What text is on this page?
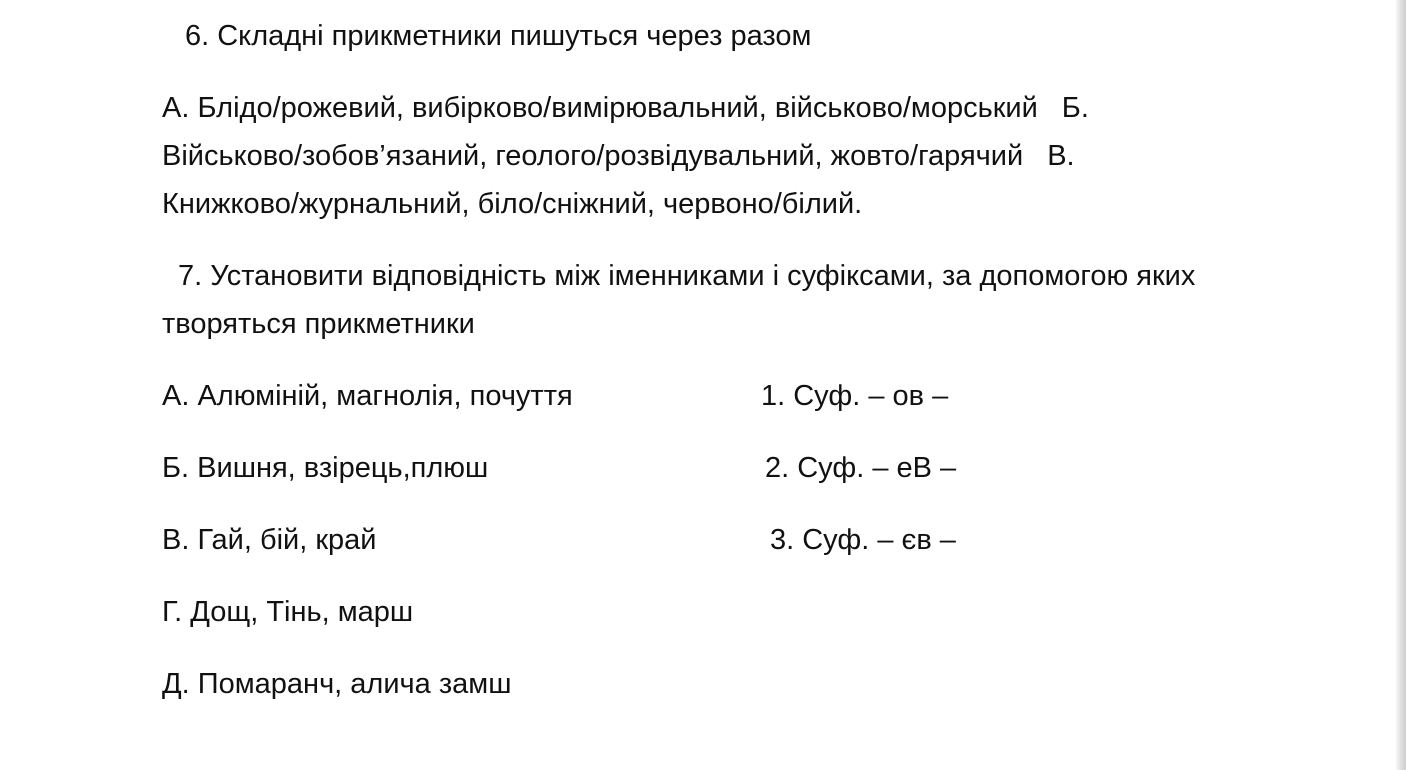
6. Складні прикметники пишуться через разом
А. Блідо/рожевий, вибірково/вимірювальний, військово/морський Б.
Військово/зобов’язаний, геолого/розвідувальний, жовто/гарячий В.
Книжково/журнальний, біло/сніжний, червоно/білий.
7. Установити відповідність між іменниками і суфіксами, за допомогою яких
творяться прикметники
А. Алюміній, магнолія, почуття
Б. Вишня, взірець,плюш
В. Гай, бій, край
Г. Дощ, Тінь, марш
Д. Помаранч, алича замш
1. Суф. – ов –
2. Суф. – еВ –
3. Суф. – єв –
